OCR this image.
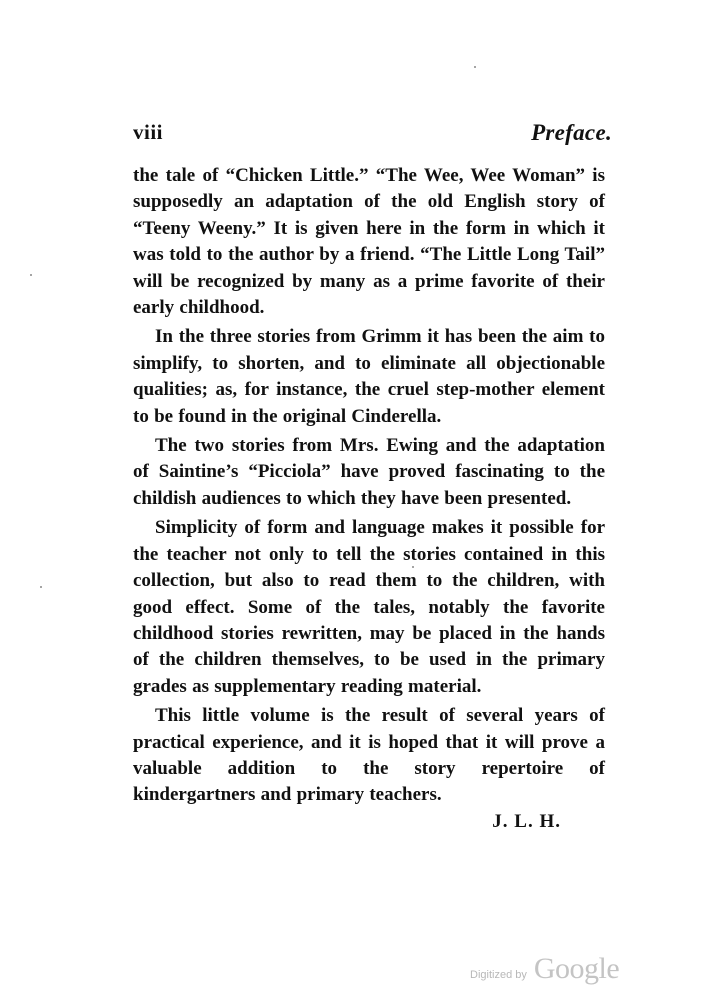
viii	Preface.

the tale of “Chicken Little.” “The Wee, Wee Woman” is supposedly an adaptation of the old English story of “Teeny Weeny.” It is given here in the form in which it was told to the author by a friend. “The Little Long Tail” will be recognized by many as a prime favorite of their early childhood.

In the three stories from Grimm it has been the aim to simplify, to shorten, and to eliminate all objectionable qualities; as, for instance, the cruel step-mother element to be found in the original Cinderella.

The two stories from Mrs. Ewing and the adaptation of Saintine’s “Picciola” have proved fascinating to the childish audiences to which they have been presented.

Simplicity of form and language makes it possible for the teacher not only to tell the stories contained in this collection, but also to read them to the children, with good effect. Some of the tales, notably the favorite childhood stories rewritten, may be placed in the hands of the children themselves, to be used in the primary grades as supplementary reading material.

This little volume is the result of several years of practical experience, and it is hoped that it will prove a valuable addition to the story repertoire of kindergartners and primary teachers.

J. L. H.
Digitized by Google
